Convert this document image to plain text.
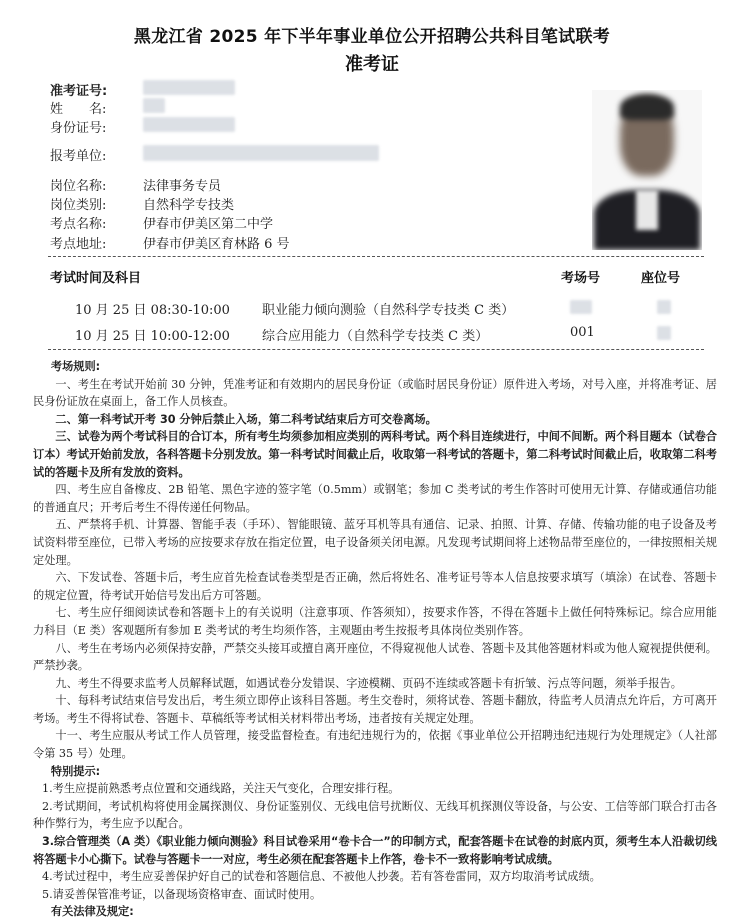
黑龙江省 2025 年下半年事业单位公开招聘公共科目笔试联考
准考证
准考证号:
姓　　名:
身份证号:
报考单位:
岗位名称:	法律事务专员
岗位类别:	自然科学专技类
考点名称:	伊春市伊美区第二中学
考点地址:	伊春市伊美区育林路 6 号
考试时间及科目	考场号	座位号
10 月 25 日 08:30-10:00 职业能力倾向测验（自然科学专技类 C 类）
10 月 25 日 10:00-12:00 综合应用能力（自然科学专技类 C 类）	001

考场规则:

一、考生在考试开始前 30 分钟，凭准考证和有效期内的居民身份证（或临时居民身份证）原件进入考场，对号入座，并将准考证、居民身份证放在桌面上，备工作人员核查。

二、第一科考试开考 30 分钟后禁止入场，第二科考试结束后方可交卷离场。

三、试卷为两个考试科目的合订本，所有考生均须参加相应类别的两科考试。两个科目连续进行，中间不间断。两个科目题本（试卷合订本）考试开始前发放，各科答题卡分别发放。第一科考试时间截止后，收取第一科考试的答题卡，第二科考试时间截止后，收取第二科考试的答题卡及所有发放的资料。

四、考生应自备橡皮、2B 铅笔、黑色字迹的签字笔（0.5mm）或钢笔；参加 C 类考试的考生作答时可使用无计算、存储或通信功能的普通直尺；开考后考生不得传递任何物品。

五、严禁将手机、计算器、智能手表（手环）、智能眼镜、蓝牙耳机等具有通信、记录、拍照、计算、存储、传输功能的电子设备及考试资料带至座位，已带入考场的应按要求存放在指定位置，电子设备须关闭电源。凡发现考试期间将上述物品带至座位的，一律按照相关规定处理。

六、下发试卷、答题卡后，考生应首先检查试卷类型是否正确，然后将姓名、准考证号等本人信息按要求填写（填涂）在试卷、答题卡的规定位置，待考试开始信号发出后方可答题。

七、考生应仔细阅读试卷和答题卡上的有关说明（注意事项、作答须知），按要求作答，不得在答题卡上做任何特殊标记。综合应用能力科目（E 类）客观题所有参加 E 类考试的考生均须作答，主观题由考生按报考具体岗位类别作答。

八、考生在考场内必须保持安静，严禁交头接耳或擅自离开座位，不得窥视他人试卷、答题卡及其他答题材料或为他人窥视提供便利。严禁抄袭。

九、考生不得要求监考人员解释试题，如遇试卷分发错误、字迹模糊、页码不连续或答题卡有折皱、污点等问题，须举手报告。

十、每科考试结束信号发出后，考生须立即停止该科目答题。考生交卷时，须将试卷、答题卡翻放，待监考人员清点允许后，方可离开考场。考生不得将试卷、答题卡、草稿纸等考试相关材料带出考场，违者按有关规定处理。

十一、考生应服从考试工作人员管理，接受监督检查。有违纪违规行为的，依据《事业单位公开招聘违纪违规行为处理规定》（人社部令第 35 号）处理。

特别提示:

1.考生应提前熟悉考点位置和交通线路，关注天气变化，合理安排行程。

2.考试期间，考试机构将使用金属探测仪、身份证鉴别仪、无线电信号扰断仪、无线耳机探测仪等设备，与公安、工信等部门联合打击各种作弊行为，考生应予以配合。

3.综合管理类（A 类）《职业能力倾向测验》科目试卷采用“卷卡合一”的印制方式，配套答题卡在试卷的封底内页，须考生本人沿裁切线将答题卡小心撕下。试卷与答题卡一一对应，考生必须在配套答题卡上作答，卷卡不一致将影响考试成绩。

4.考试过程中，考生应妥善保护好自己的试卷和答题信息、不被他人抄袭。若有答卷雷同，双方均取消考试成绩。

5.请妥善保管准考证，以备现场资格审查、面试时使用。

有关法律及规定:
